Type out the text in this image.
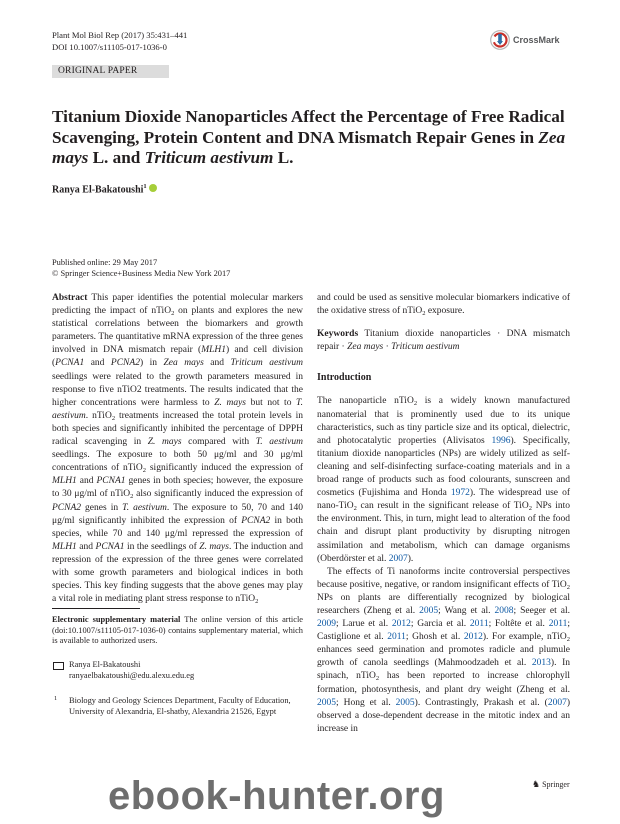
Plant Mol Biol Rep (2017) 35:431–441
DOI 10.1007/s11105-017-1036-0
CrossMark
ORIGINAL PAPER
Titanium Dioxide Nanoparticles Affect the Percentage of Free Radical Scavenging, Protein Content and DNA Mismatch Repair Genes in Zea mays L. and Triticum aestivum L.
Ranya El-Bakatoushi$^1$
Published online: 29 May 2017
© Springer Science+Business Media New York 2017

Abstract This paper identifies the potential molecular markers predicting the impact of nTiO$_2$ on plants and explores the new statistical correlations between the biomarkers and growth parameters. The quantitative mRNA expression of the three genes involved in DNA mismatch repair (MLH1) and cell division (PCNA1 and PCNA2) in Zea mays and Triticum aestivum seedlings were related to the growth parameters measured in response to five nTiO2 treatments. The results indicated that the higher concentrations were harmless to Z. mays but not to T. aestivum. nTiO$_2$ treatments increased the total protein levels in both species and significantly inhibited the percentage of DPPH radical scavenging in Z. mays compared with T. aestivum seedlings. The exposure to both 50 μg/ml and 30 μg/ml concentrations of nTiO$_2$ significantly induced the expression of MLH1 and PCNA1 genes in both species; however, the exposure to 30 μg/ml of nTiO$_2$ also significantly induced the expression of PCNA2 genes in T. aestivum. The exposure to 50, 70 and 140 μg/ml significantly inhibited the expression of PCNA2 in both species, while 70 and 140 μg/ml repressed the expression of MLH1 and PCNA1 in the seedlings of Z. mays. The induction and repression of the expression of the three genes were correlated with some growth parameters and biological indices in both species. This key finding suggests that the above genes may play a vital role in mediating plant stress response to nTiO$_2$

Electronic supplementary material The online version of this article (doi:10.1007/s11105-017-1036-0) contains supplementary material, which is available to authorized users.
Ranya El-Bakatoushi
ranyaelbakatoushi@edu.alexu.edu.eg
1 Biology and Geology Sciences Department, Faculty of Education, University of Alexandria, El-shatby, Alexandria 21526, Egypt

and could be used as sensitive molecular biomarkers indicative of the oxidative stress of nTiO$_2$ exposure.

Keywords Titanium dioxide nanoparticles · DNA mismatch repair · Zea mays · Triticum aestivum

Introduction

The nanoparticle nTiO$_2$ is a widely known manufactured nanomaterial that is prominently used due to its unique characteristics, such as tiny particle size and its optical, dielectric, and photocatalytic properties (Alivisatos 1996). Specifically, titanium dioxide nanoparticles (NPs) are widely utilized as self-cleaning and self-disinfecting surface-coating materials and in a broad range of products such as food colourants, sunscreen and cosmetics (Fujishima and Honda 1972). The widespread use of nano-TiO$_2$ can result in the significant release of TiO$_2$ NPs into the environment. This, in turn, might lead to alteration of the food chain and disrupt plant productivity by disrupting nitrogen assimilation and metabolism, which can damage organisms (Oberdörster et al. 2007).

The effects of Ti nanoforms incite controversial perspectives because positive, negative, or random insignificant effects of TiO$_2$ NPs on plants are differentially recognized by biological researchers (Zheng et al. 2005; Wang et al. 2008; Seeger et al. 2009; Larue et al. 2012; Garcia et al. 2011; Foltête et al. 2011; Castiglione et al. 2011; Ghosh et al. 2012). For example, nTiO$_2$ enhances seed germination and promotes radicle and plumule growth of canola seedlings (Mahmoodzadeh et al. 2013). In spinach, nTiO$_2$ has been reported to increase chlorophyll formation, photosynthesis, and plant dry weight (Zheng et al. 2005; Hong et al. 2005). Contrastingly, Prakash et al. (2007) observed a dose-dependent decrease in the mitotic index and an increase in

♞ Springer
ebook-hunter.org
